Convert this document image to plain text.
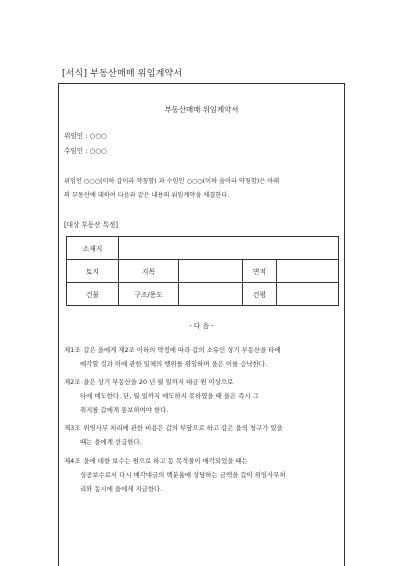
[서식] 부동산매매 위임계약서
부동산매매 위임계약서
위임인 : ○○○
수임인 : ○○○
위임인 ○○○(이하 갑이라 약칭함) 과 수임인 ○○○(이하 을이라 약칭함)은 아래
의 부동산에 대하여 다음과 같은 내용의 위임계약을 체결한다.
[대상 부동산 특정]
소재지				
토지	지목		면적	
건물	구조/용도		건평	
- 다 음 -
제1조 갑은 을에게 제2조 이하의 약정에 따라 갑의 소유인 상기 부동산을 타에
매각할 것과 이에 관한 일체의 행위를 위임하며 을은 이를 승낙한다.
제2조 을은 상기 부동산을 20 년 월 일까지 대금 원 이상으로
타에 매도한다. 단, 월 일까지 매도하지 못하였을 때 을은 즉시 그
취지를 갑에게 통보하여야 한다.
제3조 위임사무 처리에 관한 비용은 갑의 부담으로 하고 갑은 을의 청구가 있을
때는 을에게 선급한다.
제4조 을에 대한 보수는 원으로 하고 동 목적물이 매각되었을 때는
성공보수로서 다시 매각대금의 백분율에 상당하는 금액을 갑이 위임사무처
리와 동시에 을에게 지급한다.
